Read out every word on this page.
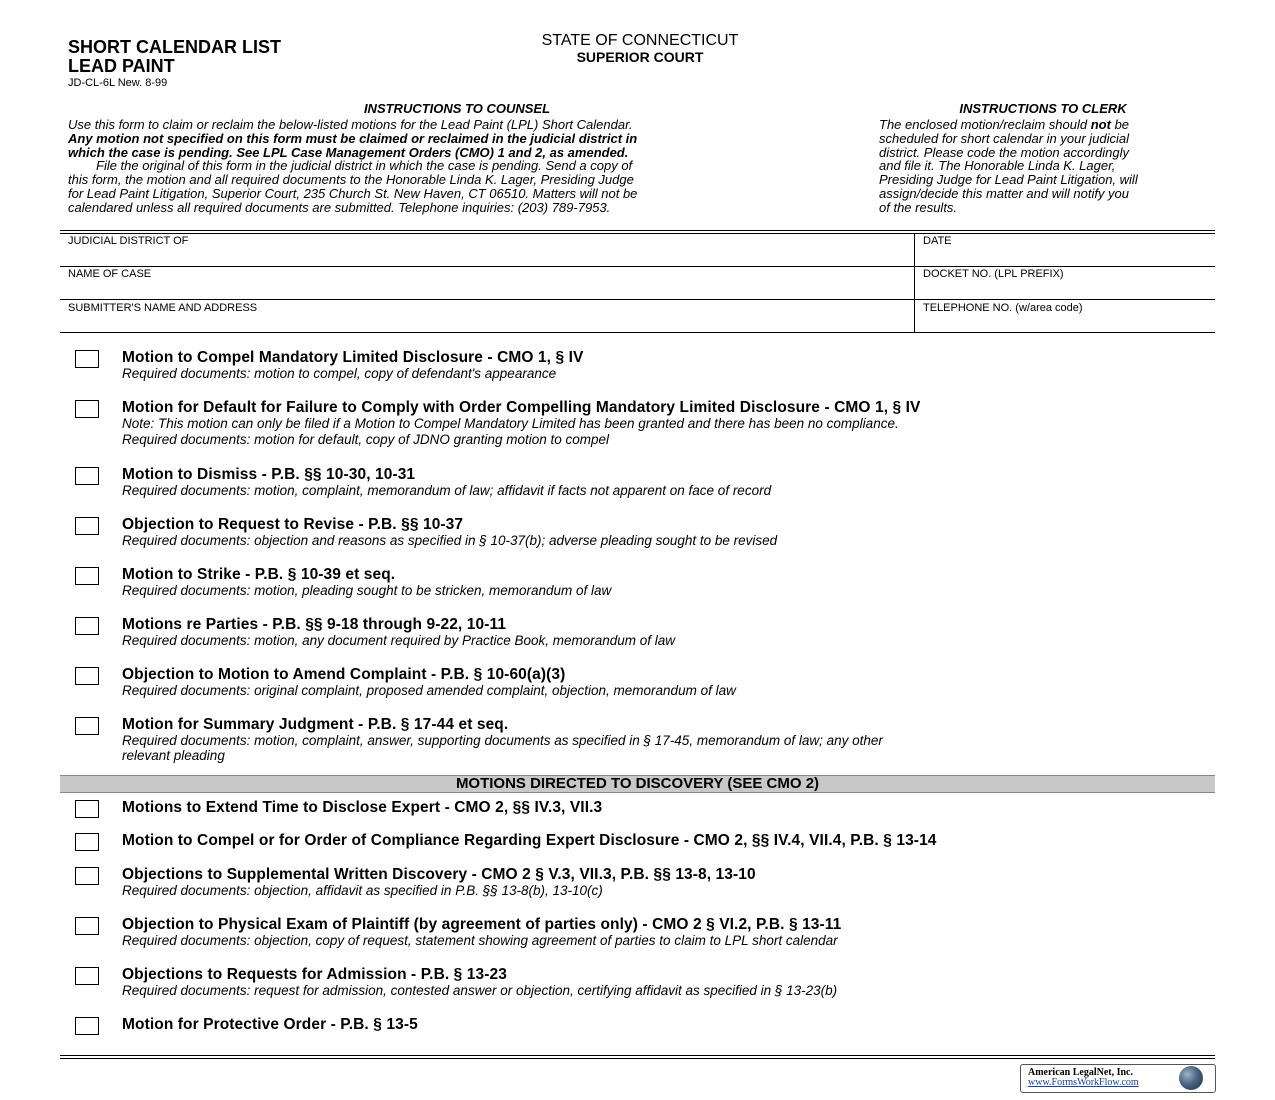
SHORT CALENDAR LIST
LEAD PAINT
JD-CL-6L New. 8-99
STATE OF CONNECTICUT
SUPERIOR COURT
INSTRUCTIONS TO COUNSEL
Use this form to claim or reclaim the below-listed motions for the Lead Paint (LPL) Short Calendar.
Any motion not specified on this form must be claimed or reclaimed in the judicial district in
which the case is pending. See LPL Case Management Orders (CMO) 1 and 2, as amended.
File the original of this form in the judicial district in which the case is pending. Send a copy of
this form, the motion and all required documents to the Honorable Linda K. Lager, Presiding Judge
for Lead Paint Litigation, Superior Court, 235 Church St. New Haven, CT 06510. Matters will not be
calendared unless all required documents are submitted. Telephone inquiries: (203) 789-7953.
INSTRUCTIONS TO CLERK
The enclosed motion/reclaim should not be
scheduled for short calendar in your judicial
district. Please code the motion accordingly
and file it. The Honorable Linda K. Lager,
Presiding Judge for Lead Paint Litigation, will
assign/decide this matter and will notify you
of the results.
JUDICIAL DISTRICT OF	DATE
NAME OF CASE	DOCKET NO. (LPL PREFIX)
SUBMITTER'S NAME AND ADDRESS	TELEPHONE NO. (w/area code)
Motion to Compel Mandatory Limited Disclosure - CMO 1, § IV
Required documents: motion to compel, copy of defendant's appearance
Motion for Default for Failure to Comply with Order Compelling Mandatory Limited Disclosure - CMO 1, § IV
Note: This motion can only be filed if a Motion to Compel Mandatory Limited has been granted and there has been no compliance.
Required documents: motion for default, copy of JDNO granting motion to compel
Motion to Dismiss - P.B. §§ 10-30, 10-31
Required documents: motion, complaint, memorandum of law; affidavit if facts not apparent on face of record
Objection to Request to Revise - P.B. §§ 10-37
Required documents: objection and reasons as specified in § 10-37(b); adverse pleading sought to be revised
Motion to Strike - P.B. § 10-39 et seq.
Required documents: motion, pleading sought to be stricken, memorandum of law
Motions re Parties - P.B. §§ 9-18 through 9-22, 10-11
Required documents: motion, any document required by Practice Book, memorandum of law
Objection to Motion to Amend Complaint - P.B. § 10-60(a)(3)
Required documents: original complaint, proposed amended complaint, objection, memorandum of law
Motion for Summary Judgment - P.B. § 17-44 et seq.
Required documents: motion, complaint, answer, supporting documents as specified in § 17-45, memorandum of law; any other
relevant pleading
MOTIONS DIRECTED TO DISCOVERY (SEE CMO 2)
Motions to Extend Time to Disclose Expert - CMO 2, §§ IV.3, VII.3
Motion to Compel or for Order of Compliance Regarding Expert Disclosure - CMO 2, §§ IV.4, VII.4, P.B. § 13-14
Objections to Supplemental Written Discovery - CMO 2 § V.3, VII.3, P.B. §§ 13-8, 13-10
Required documents: objection, affidavit as specified in P.B. §§ 13-8(b), 13-10(c)
Objection to Physical Exam of Plaintiff (by agreement of parties only) - CMO 2 § VI.2, P.B. § 13-11
Required documents: objection, copy of request, statement showing agreement of parties to claim to LPL short calendar
Objections to Requests for Admission - P.B. § 13-23
Required documents: request for admission, contested answer or objection, certifying affidavit as specified in § 13-23(b)
Motion for Protective Order - P.B. § 13-5
American LegalNet, Inc.
www.FormsWorkFlow.com
